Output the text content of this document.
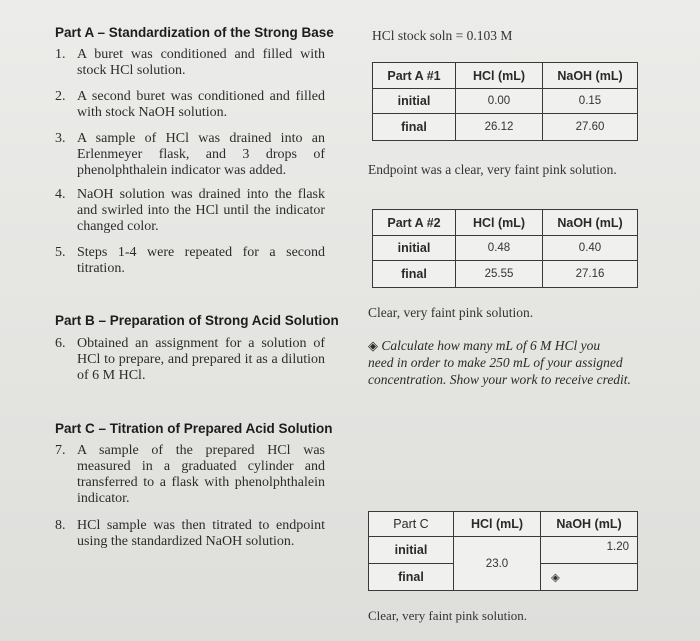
Part A – Standardization of the Strong Base
1. A buret was conditioned and filled with stock HCl solution.
2. A second buret was conditioned and filled with stock NaOH solution.
3. A sample of HCl was drained into an Erlenmeyer flask, and 3 drops of phenolphthalein indicator was added.
4. NaOH solution was drained into the flask and swirled into the HCl until the indicator changed color.
5. Steps 1-4 were repeated for a second titration.
Part B – Preparation of Strong Acid Solution
6. Obtained an assignment for a solution of HCl to prepare, and prepared it as a dilution of 6 M HCl.
Part C – Titration of Prepared Acid Solution
7. A sample of the prepared HCl was measured in a graduated cylinder and transferred to a flask with phenolphthalein indicator.
8. HCl sample was then titrated to endpoint using the standardized NaOH solution.
HCl stock soln = 0.103 M
Part A #1	HCl (mL)	NaOH (mL)
initial	0.00	0.15
final	26.12	27.60
Endpoint was a clear, very faint pink solution.
Part A #2	HCl (mL)	NaOH (mL)
initial	0.48	0.40
final	25.55	27.16
Clear, very faint pink solution.
◈ Calculate how many mL of 6 M HCl you
need in order to make 250 mL of your assigned
concentration. Show your work to receive credit.
Part C	HCl (mL)	NaOH (mL)
initial	23.0	1.20
final		◈
Clear, very faint pink solution.
